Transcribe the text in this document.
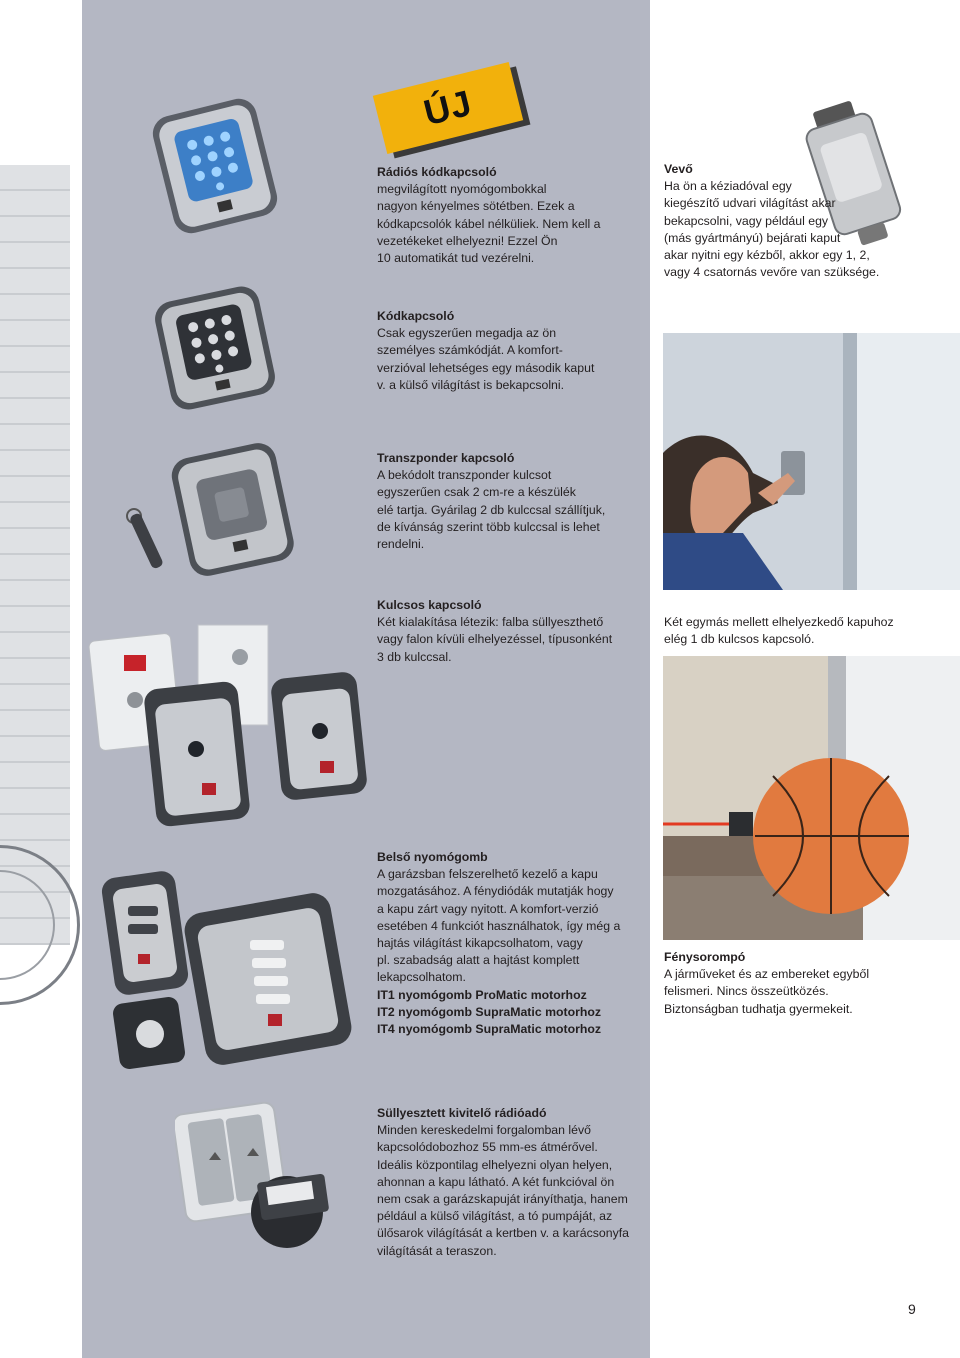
ÚJ
Rádiós kódkapcsoló
megvilágított nyomógombokkal
nagyon kényelmes sötétben. Ezek a
kódkapcsolók kábel nélküliek. Nem kell a
vezetékeket elhelyezni! Ezzel Ön
10 automatikát tud vezérelni.
Vevő
Ha ön a kéziadóval egy
kiegészítő udvari világítást akar
bekapcsolni, vagy például egy
(más gyártmányú) bejárati kaput
akar nyitni egy kézből, akkor egy 1, 2,
vagy 4 csatornás vevőre van szüksége.
Kódkapcsoló
Csak egyszerűen megadja az ön
személyes számkódját. A komfort-
verzióval lehetséges egy második kaput
v. a külső világítást is bekapcsolni.
Transzponder kapcsoló
A bekódolt transzponder kulcsot
egyszerűen csak 2 cm-re a készülék
elé tartja. Gyárilag 2 db kulccsal szállítjuk,
de kívánság szerint több kulccsal is lehet
rendelni.
Kulcsos kapcsoló
Két kialakítása létezik: falba süllyeszthető
vagy falon kívüli elhelyezéssel, típusonként
3 db kulccsal.
Két egymás mellett elhelyezkedő kapuhoz
elég 1 db kulcsos kapcsoló.
Belső nyomógomb
A garázsban felszerelhető kezelő a kapu
mozgatásához. A fénydiódák mutatják hogy
a kapu zárt vagy nyitott. A komfort-verzió
esetében 4 funkciót használhatok, így még a
hajtás világítást kikapcsolhatom, vagy
pl. szabadság alatt a hajtást komplett
lekapcsolhatom.
IT1 nyomógomb ProMatic motorhoz
IT2 nyomógomb SupraMatic motorhoz
IT4 nyomógomb SupraMatic motorhoz
Fénysorompó
A járműveket és az embereket egyből
felismeri. Nincs összeütközés.
Biztonságban tudhatja gyermekeit.
Süllyesztett kivitelő rádióadó
Minden kereskedelmi forgalomban lévő
kapcsolódobozhoz 55 mm-es átmérővel.
Ideális központilag elhelyezni olyan helyen,
ahonnan a kapu látható. A két funkcióval ön
nem csak a garázskapuját irányíthatja, hanem
például a külső világítást, a tó pumpáját, az
ülősarok világítását a kertben v. a karácsonyfa
világítását a teraszon.
9
